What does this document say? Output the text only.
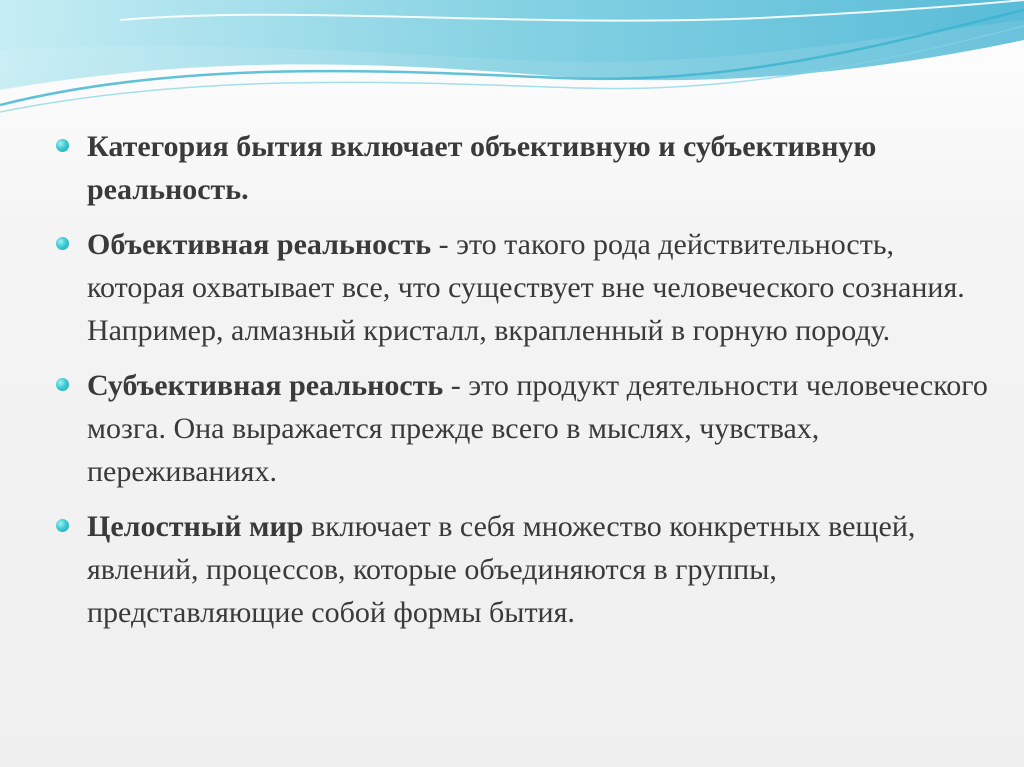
Категория бытия включает объективную и субъективную реальность.
Объективная реальность - это такого рода действительность, которая охватывает все, что существует вне человеческого сознания. Например, алмазный кристалл, вкрапленный в горную породу.
Субъективная реальность - это продукт деятельности человеческого мозга. Она выражается прежде всего в мыслях, чувствах, переживаниях.
Целостный мир включает в себя множество конкретных вещей, явлений, процессов, которые объединяются в группы, представляющие собой формы бытия.
